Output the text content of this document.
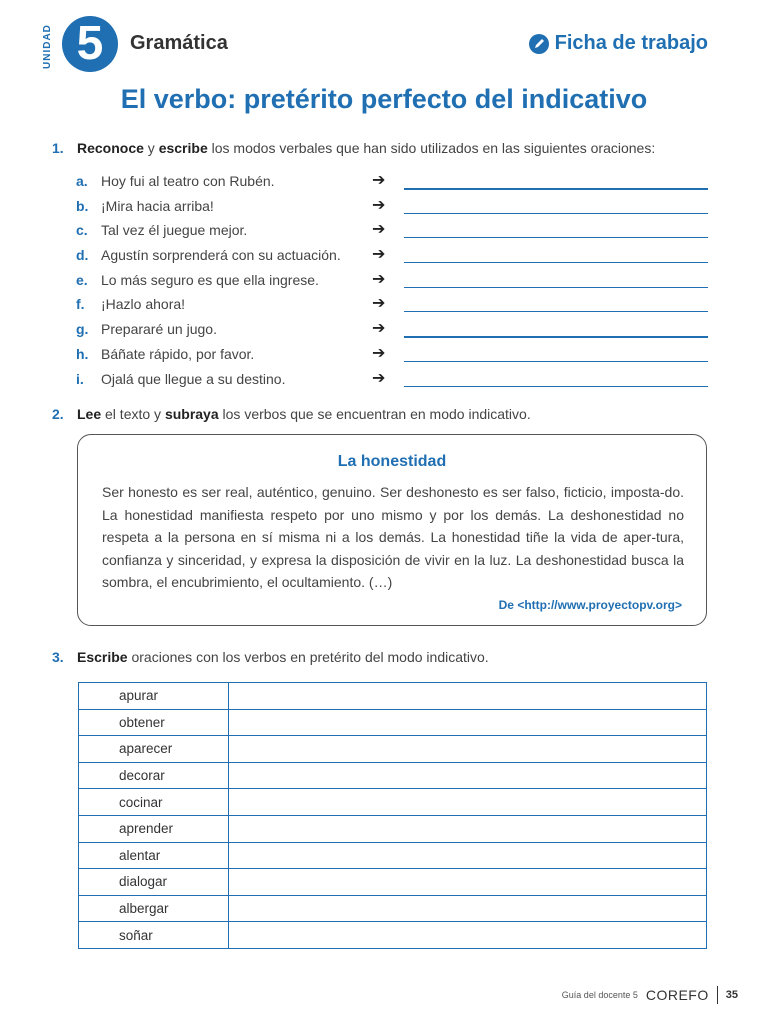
UNIDAD 5	Gramática	Ficha de trabajo
El verbo: pretérito perfecto del indicativo
1. Reconoce y escribe los modos verbales que han sido utilizados en las siguientes oraciones:
a. Hoy fui al teatro con Rubén.	➔
b. ¡Mira hacia arriba!	➔
c. Tal vez él juegue mejor.	➔
d. Agustín sorprenderá con su actuación. ➔
e. Lo más seguro es que ella ingrese.	➔
f. ¡Hazlo ahora!	➔
g. Prepararé un jugo.	➔
h. Báñate rápido, por favor.	➔
i. Ojalá que llegue a su destino.	➔
2. Lee el texto y subraya los verbos que se encuentran en modo indicativo.
La honestidad
Ser honesto es ser real, auténtico, genuino. Ser deshonesto es ser falso, ficticio, imposta-do. La honestidad manifiesta respeto por uno mismo y por los demás. La deshonestidad no respeta a la persona en sí misma ni a los demás. La honestidad tiñe la vida de aper-tura, confianza y sinceridad, y expresa la disposición de vivir en la luz. La deshonestidad busca la sombra, el encubrimiento, el ocultamiento. (…)
De <http://www.proyectopv.org>
3. Escribe oraciones con los verbos en pretérito del modo indicativo.
apurar	
obtener	
aparecer	
decorar	
cocinar	
aprender	
alentar	
dialogar	
albergar	
soñar	
Guía del docente 5 COREFO 35
